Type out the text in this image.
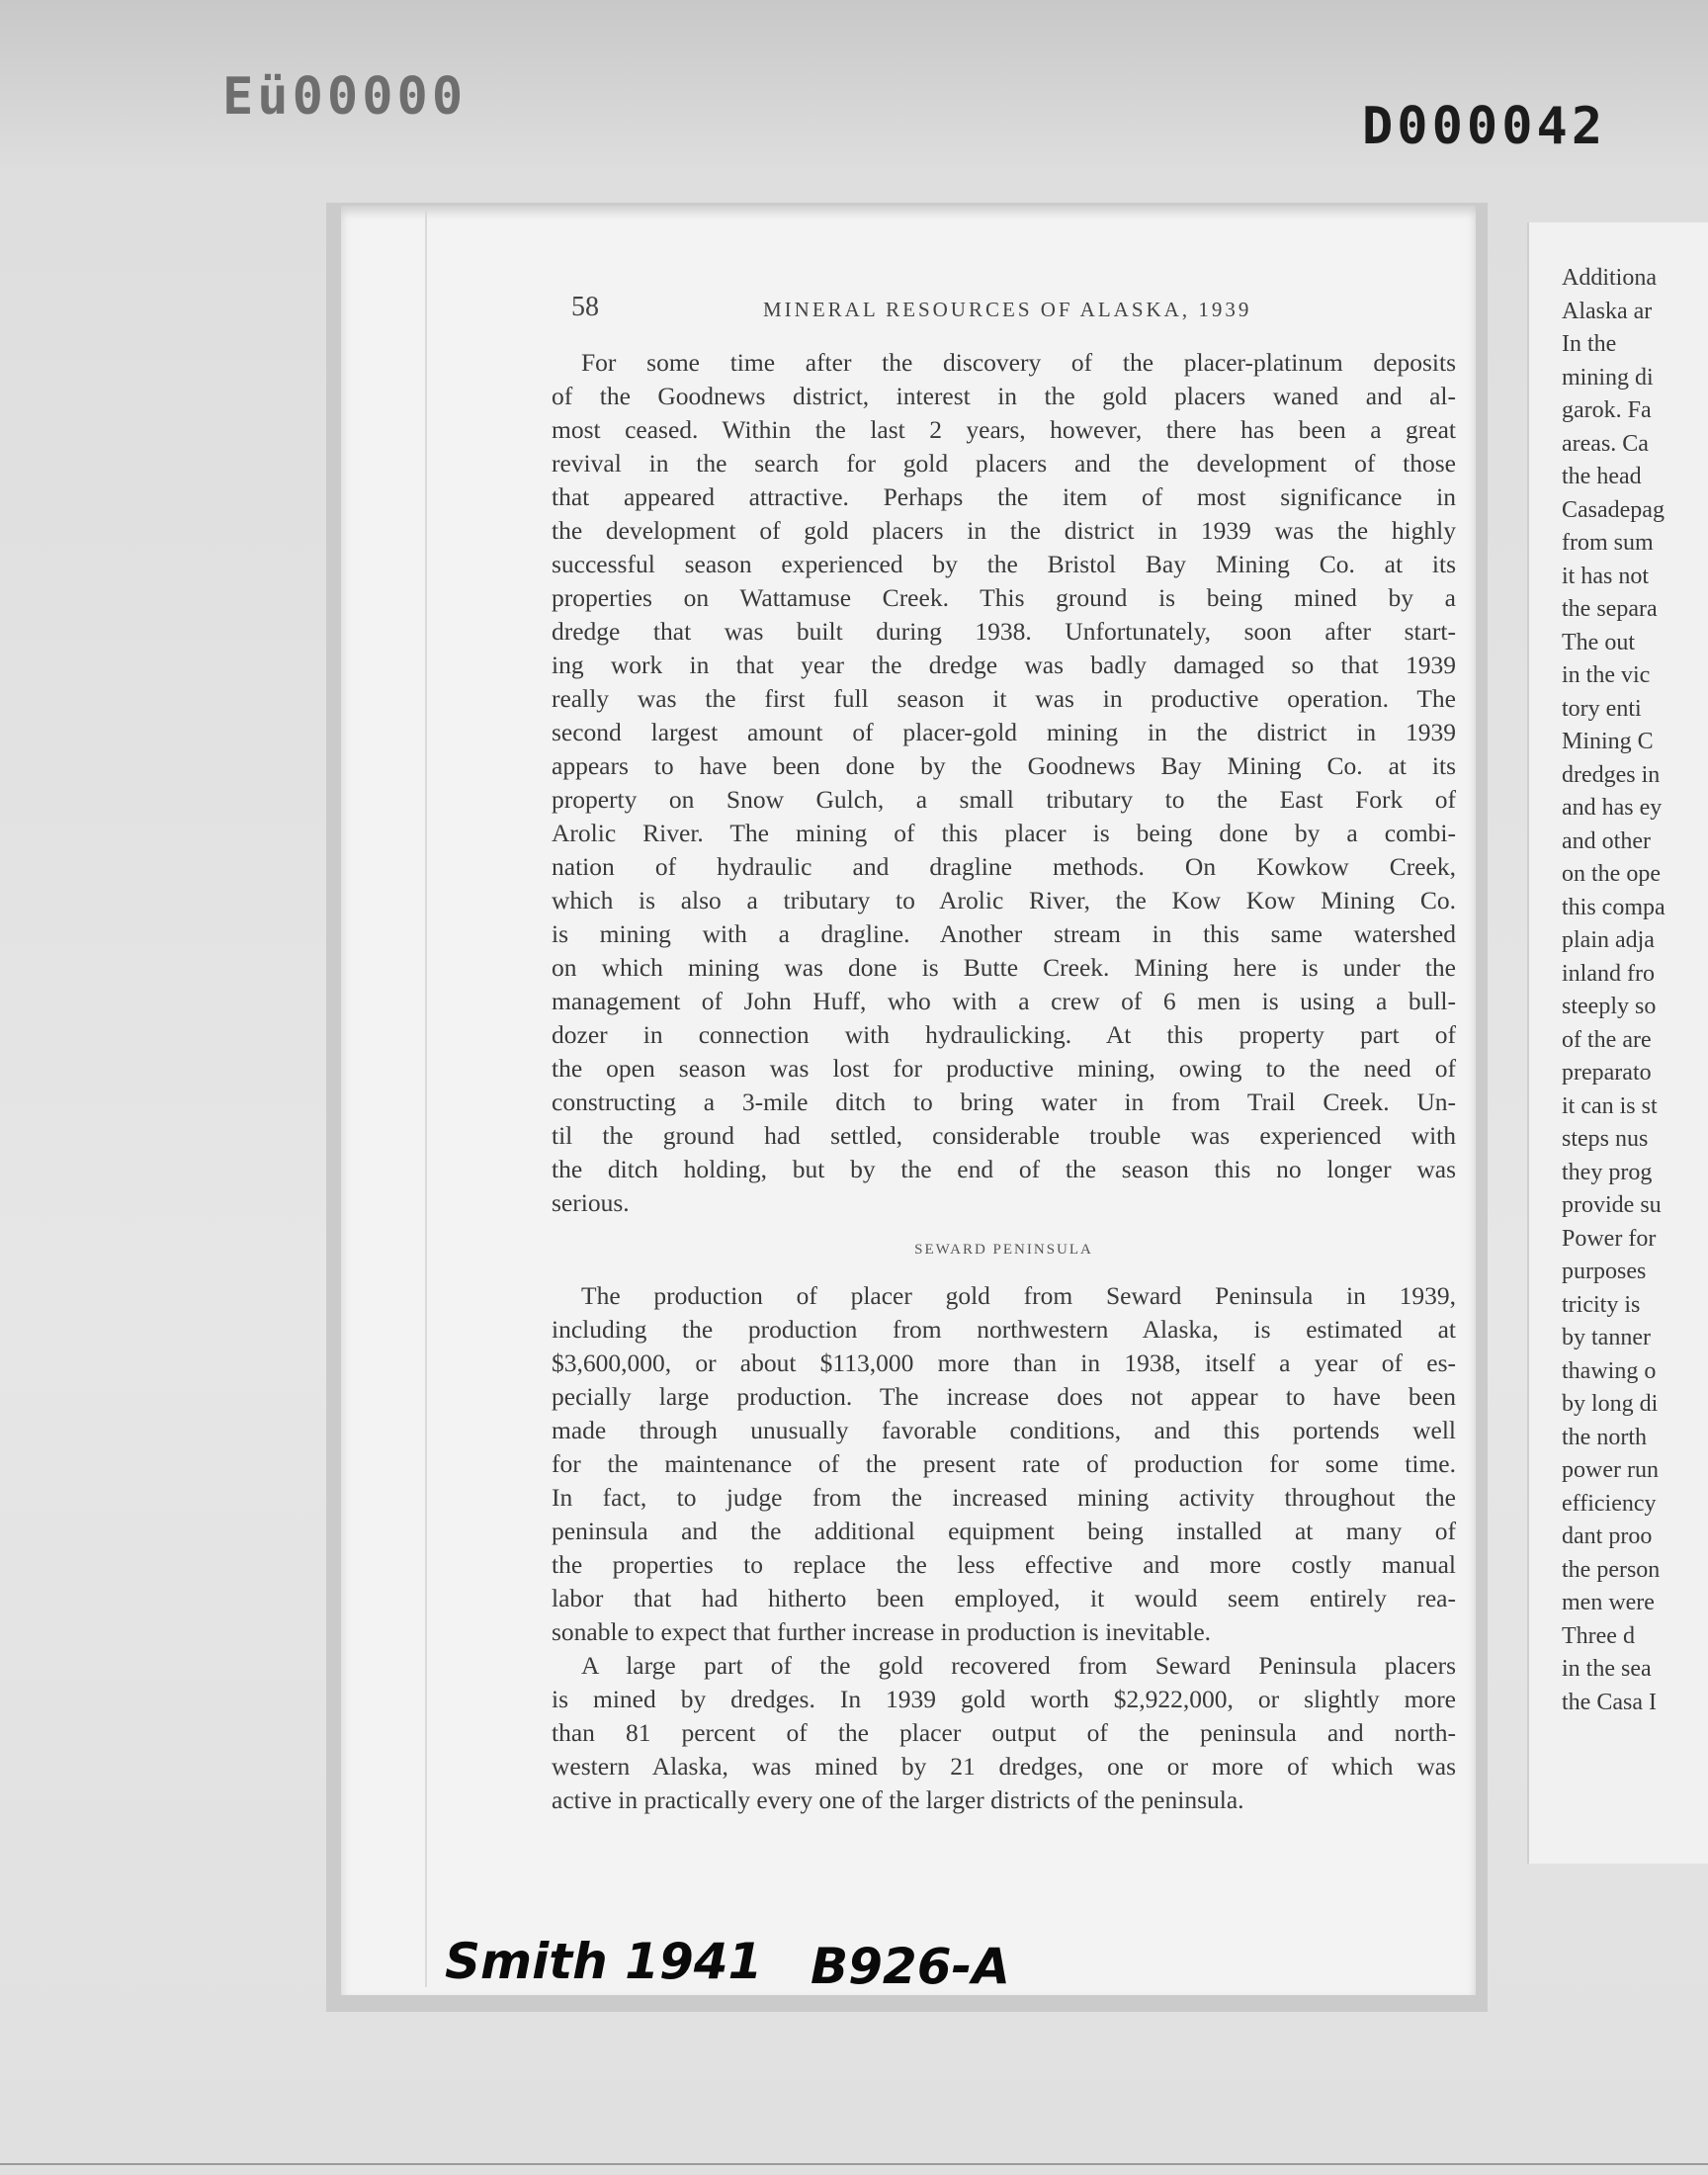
Eü00000	D000042
Additiona
Alaska ar
In the
mining di
garok. Fa
areas. Ca
the head
Casadepag
from sum
it has not
the separa
The out
in the vic
tory enti
Mining C
dredges in
and has ey
and other
on the ope
this compa
plain adja
inland fro
steeply so
of the are
preparato
it can is st
steps nus
they prog
provide su
Power for
purposes
tricity is
by tanner
thawing o
by long di
the north
power run
efficiency
dant proo
the person
men were
Three d
in the sea
the Casa I
58	MINERAL RESOURCES OF ALASKA, 1939
For some time after the discovery of the placer-platinum deposits
of the Goodnews district, interest in the gold placers waned and al-
most ceased. Within the last 2 years, however, there has been a great
revival in the search for gold placers and the development of those
that appeared attractive. Perhaps the item of most significance in
the development of gold placers in the district in 1939 was the highly
successful season experienced by the Bristol Bay Mining Co. at its
properties on Wattamuse Creek. This ground is being mined by a
dredge that was built during 1938. Unfortunately, soon after start-
ing work in that year the dredge was badly damaged so that 1939
really was the first full season it was in productive operation. The
second largest amount of placer-gold mining in the district in 1939
appears to have been done by the Goodnews Bay Mining Co. at its
property on Snow Gulch, a small tributary to the East Fork of
Arolic River. The mining of this placer is being done by a combi-
nation of hydraulic and dragline methods. On Kowkow Creek,
which is also a tributary to Arolic River, the Kow Kow Mining Co.
is mining with a dragline. Another stream in this same watershed
on which mining was done is Butte Creek. Mining here is under the
management of John Huff, who with a crew of 6 men is using a bull-
dozer in connection with hydraulicking. At this property part of
the open season was lost for productive mining, owing to the need of
constructing a 3-mile ditch to bring water in from Trail Creek. Un-
til the ground had settled, considerable trouble was experienced with
the ditch holding, but by the end of the season this no longer was
serious.
SEWARD PENINSULA
The production of placer gold from Seward Peninsula in 1939,
including the production from northwestern Alaska, is estimated at
$3,600,000, or about $113,000 more than in 1938, itself a year of es-
pecially large production. The increase does not appear to have been
made through unusually favorable conditions, and this portends well
for the maintenance of the present rate of production for some time.
In fact, to judge from the increased mining activity throughout the
peninsula and the additional equipment being installed at many of
the properties to replace the less effective and more costly manual
labor that had hitherto been employed, it would seem entirely rea-
sonable to expect that further increase in production is inevitable.
A large part of the gold recovered from Seward Peninsula placers
is mined by dredges. In 1939 gold worth $2,922,000, or slightly more
than 81 percent of the placer output of the peninsula and north-
western Alaska, was mined by 21 dredges, one or more of which was
active in practically every one of the larger districts of the peninsula.
Smith 1941 B926-A
